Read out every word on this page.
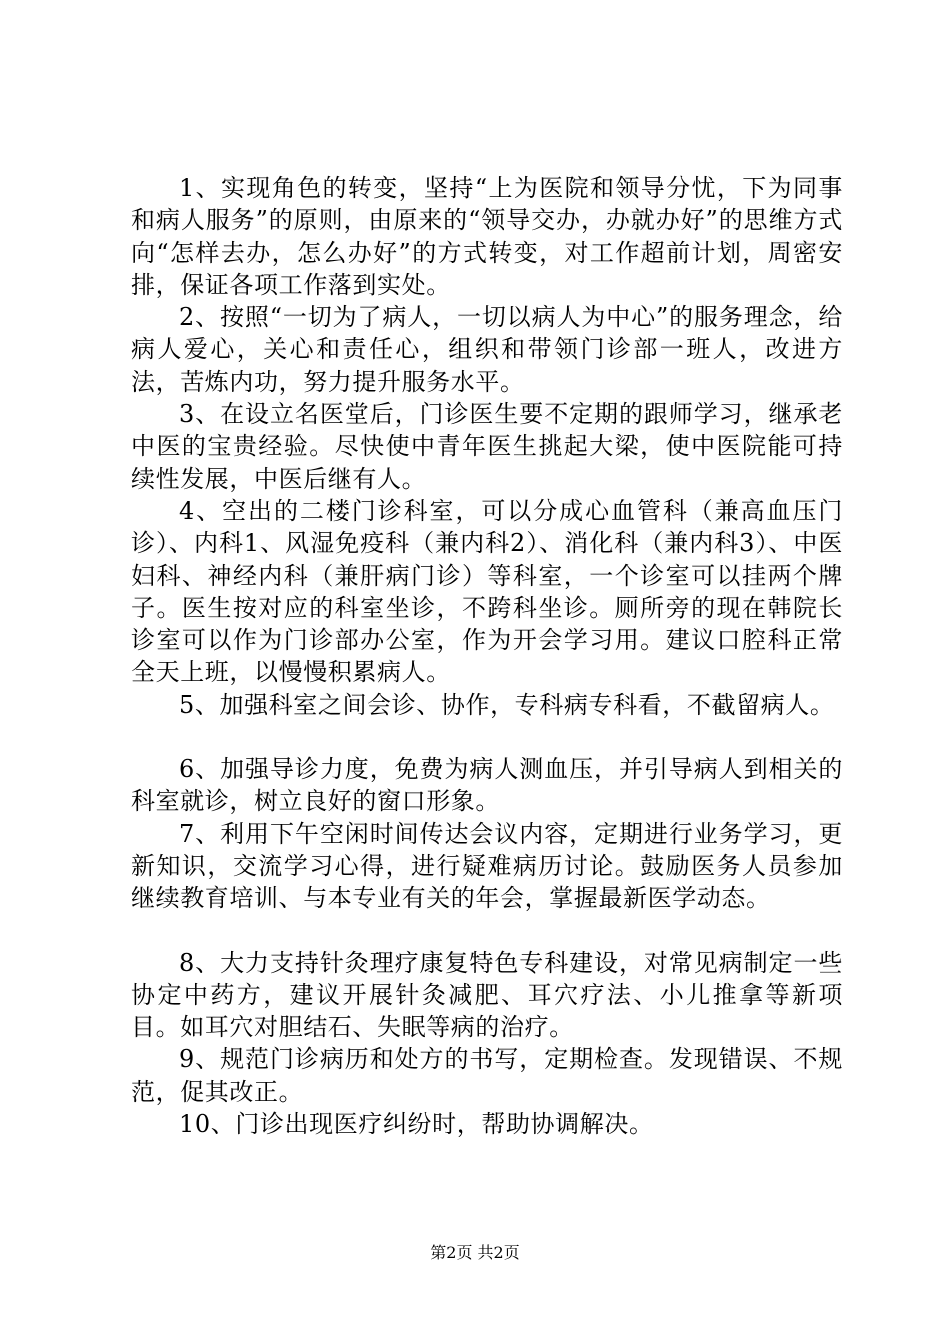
1、实现角色的转变，坚持“上为医院和领导分忧，下为同事和病人服务”的原则，由原来的“领导交办，办就办好”的思维方式向“怎样去办，怎么办好”的方式转变，对工作超前计划，周密安排，保证各项工作落到实处。

2、按照“一切为了病人，一切以病人为中心”的服务理念，给病人爱心，关心和责任心，组织和带领门诊部一班人，改进方法，苦炼内功，努力提升服务水平。

3、在设立名医堂后，门诊医生要不定期的跟师学习，继承老中医的宝贵经验。尽快使中青年医生挑起大梁，使中医院能可持续性发展，中医后继有人。

4、空出的二楼门诊科室，可以分成心血管科（兼高血压门诊）、内科1、风湿免疫科（兼内科2）、消化科（兼内科3）、中医妇科、神经内科（兼肝病门诊）等科室，一个诊室可以挂两个牌子。医生按对应的科室坐诊，不跨科坐诊。厕所旁的现在韩院长诊室可以作为门诊部办公室，作为开会学习用。建议口腔科正常全天上班，以慢慢积累病人。

5、加强科室之间会诊、协作，专科病专科看，不截留病人。

6、加强导诊力度，免费为病人测血压，并引导病人到相关的科室就诊，树立良好的窗口形象。

7、利用下午空闲时间传达会议内容，定期进行业务学习，更新知识，交流学习心得，进行疑难病历讨论。鼓励医务人员参加继续教育培训、与本专业有关的年会，掌握最新医学动态。

8、大力支持针灸理疗康复特色专科建设，对常见病制定一些协定中药方，建议开展针灸减肥、耳穴疗法、小儿推拿等新项目。如耳穴对胆结石、失眠等病的治疗。

9、规范门诊病历和处方的书写，定期检查。发现错误、不规范，促其改正。

10、门诊出现医疗纠纷时，帮助协调解决。

第2页 共2页
